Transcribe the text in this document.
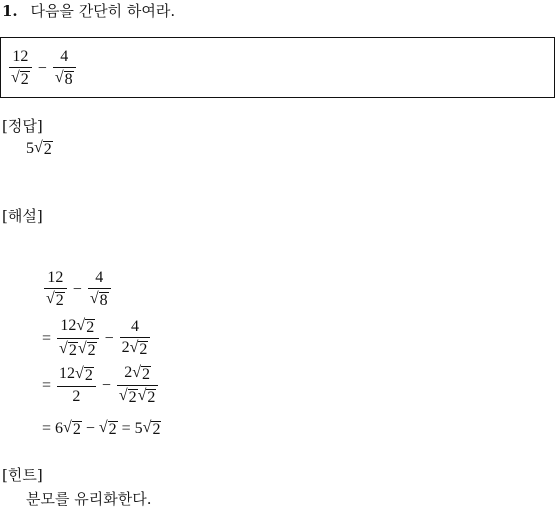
1. 다음을 간단히 하여라.
$\frac{12}{√ 2} - \frac{4}{√ 8}$
[정답]
5 √ 2
[해설]
$\frac{12}{√ 2} - \frac{4}{√ 8}$
= $\frac{12 √ 2}{√ 2 √ 2} - \frac{4}{2 √ 2}$
= $\frac{12 √ 2}{2} - \frac{2 √ 2}{√ 2 √ 2}$
= 6 √ 2 − √ 2 = 5 √ 2
[힌트]
분모를 유리화한다.
